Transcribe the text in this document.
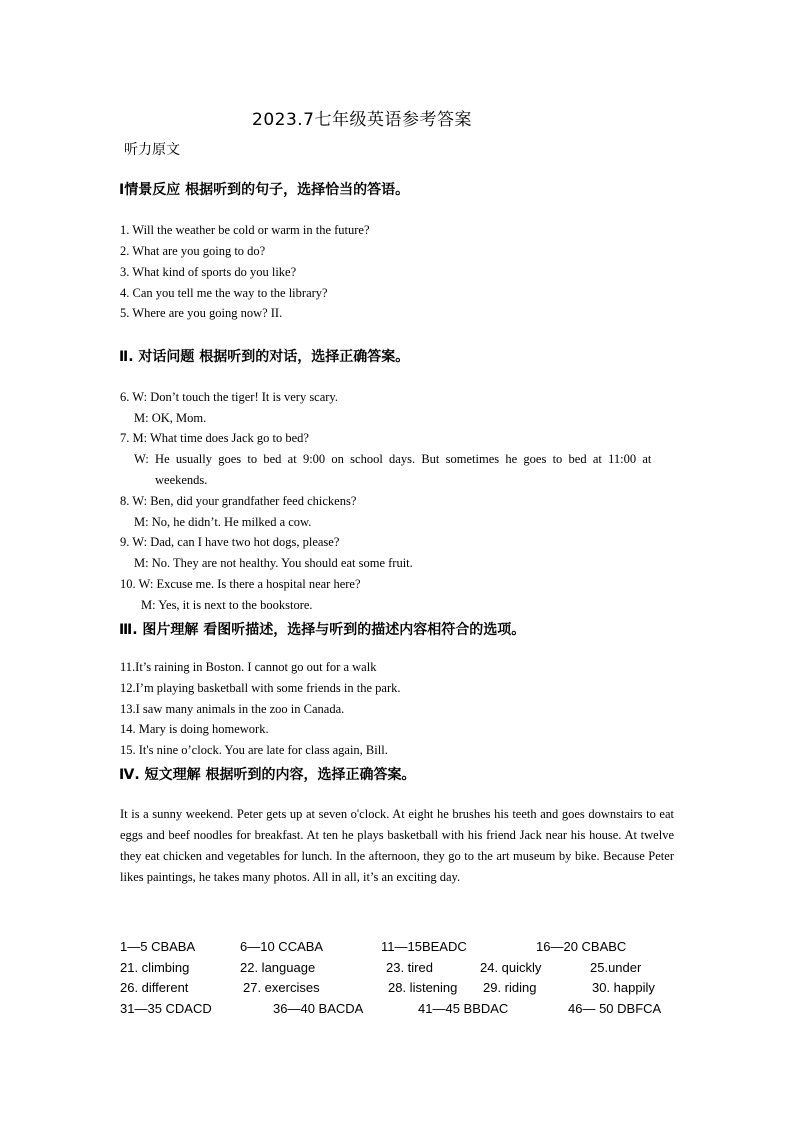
2023.7七年级英语参考答案
听力原文
Ⅰ情景反应 根据听到的句子，选择恰当的答语。
1. Will the weather be cold or warm in the future?
2. What are you going to do?
3. What kind of sports do you like?
4. Can you tell me the way to the library?
5. Where are you going now? II.
Ⅱ. 对话问题 根据听到的对话，选择正确答案。
6. W: Don’t touch the tiger! It is very scary.
M: OK, Mom.
7. M: What time does Jack go to bed?
W:  He  usually  goes  to  bed  at  9:00  on  school  days.  But  sometimes  he  goes  to  bed  at  11:00  at
weekends.
8. W: Ben, did your grandfather feed chickens?
M: No, he didn’t. He milked a cow.
9. W: Dad, can I have two hot dogs, please?
M: No. They are not healthy. You should eat some fruit.
10. W: Excuse me. Is there a hospital near here?
M: Yes, it is next to the bookstore.
Ⅲ. 图片理解 看图听描述，选择与听到的描述内容相符合的选项。
11.It’s raining in Boston. I cannot go out for a walk
12.I’m playing basketball with some friends in the park.
13.I saw many animals in the zoo in Canada.
14. Mary is doing homework.
15. It's nine o’clock. You are late for class again, Bill.
Ⅳ. 短文理解 根据听到的内容，选择正确答案。
It is a sunny weekend. Peter gets up at seven o'clock. At eight he brushes his teeth and goes downstairs to eat eggs and beef noodles for breakfast. At ten he plays basketball with his friend Jack near his house. At twelve they eat chicken and vegetables for lunch. In the afternoon, they go to the art museum by bike. Because Peter likes paintings, he takes many photos. All in all, it’s an exciting day.
1—5 CBABA	6—10 CCABA	11—15BEADC	16—20 CBABC
21. climbing	22. language	23. tired	24. quickly	25.under
26. different	27. exercises	28. listening 29. riding	30. happily
31—35 CDACD	36—40 BACDA	41—45 BBDAC	46— 50 DBFCA
